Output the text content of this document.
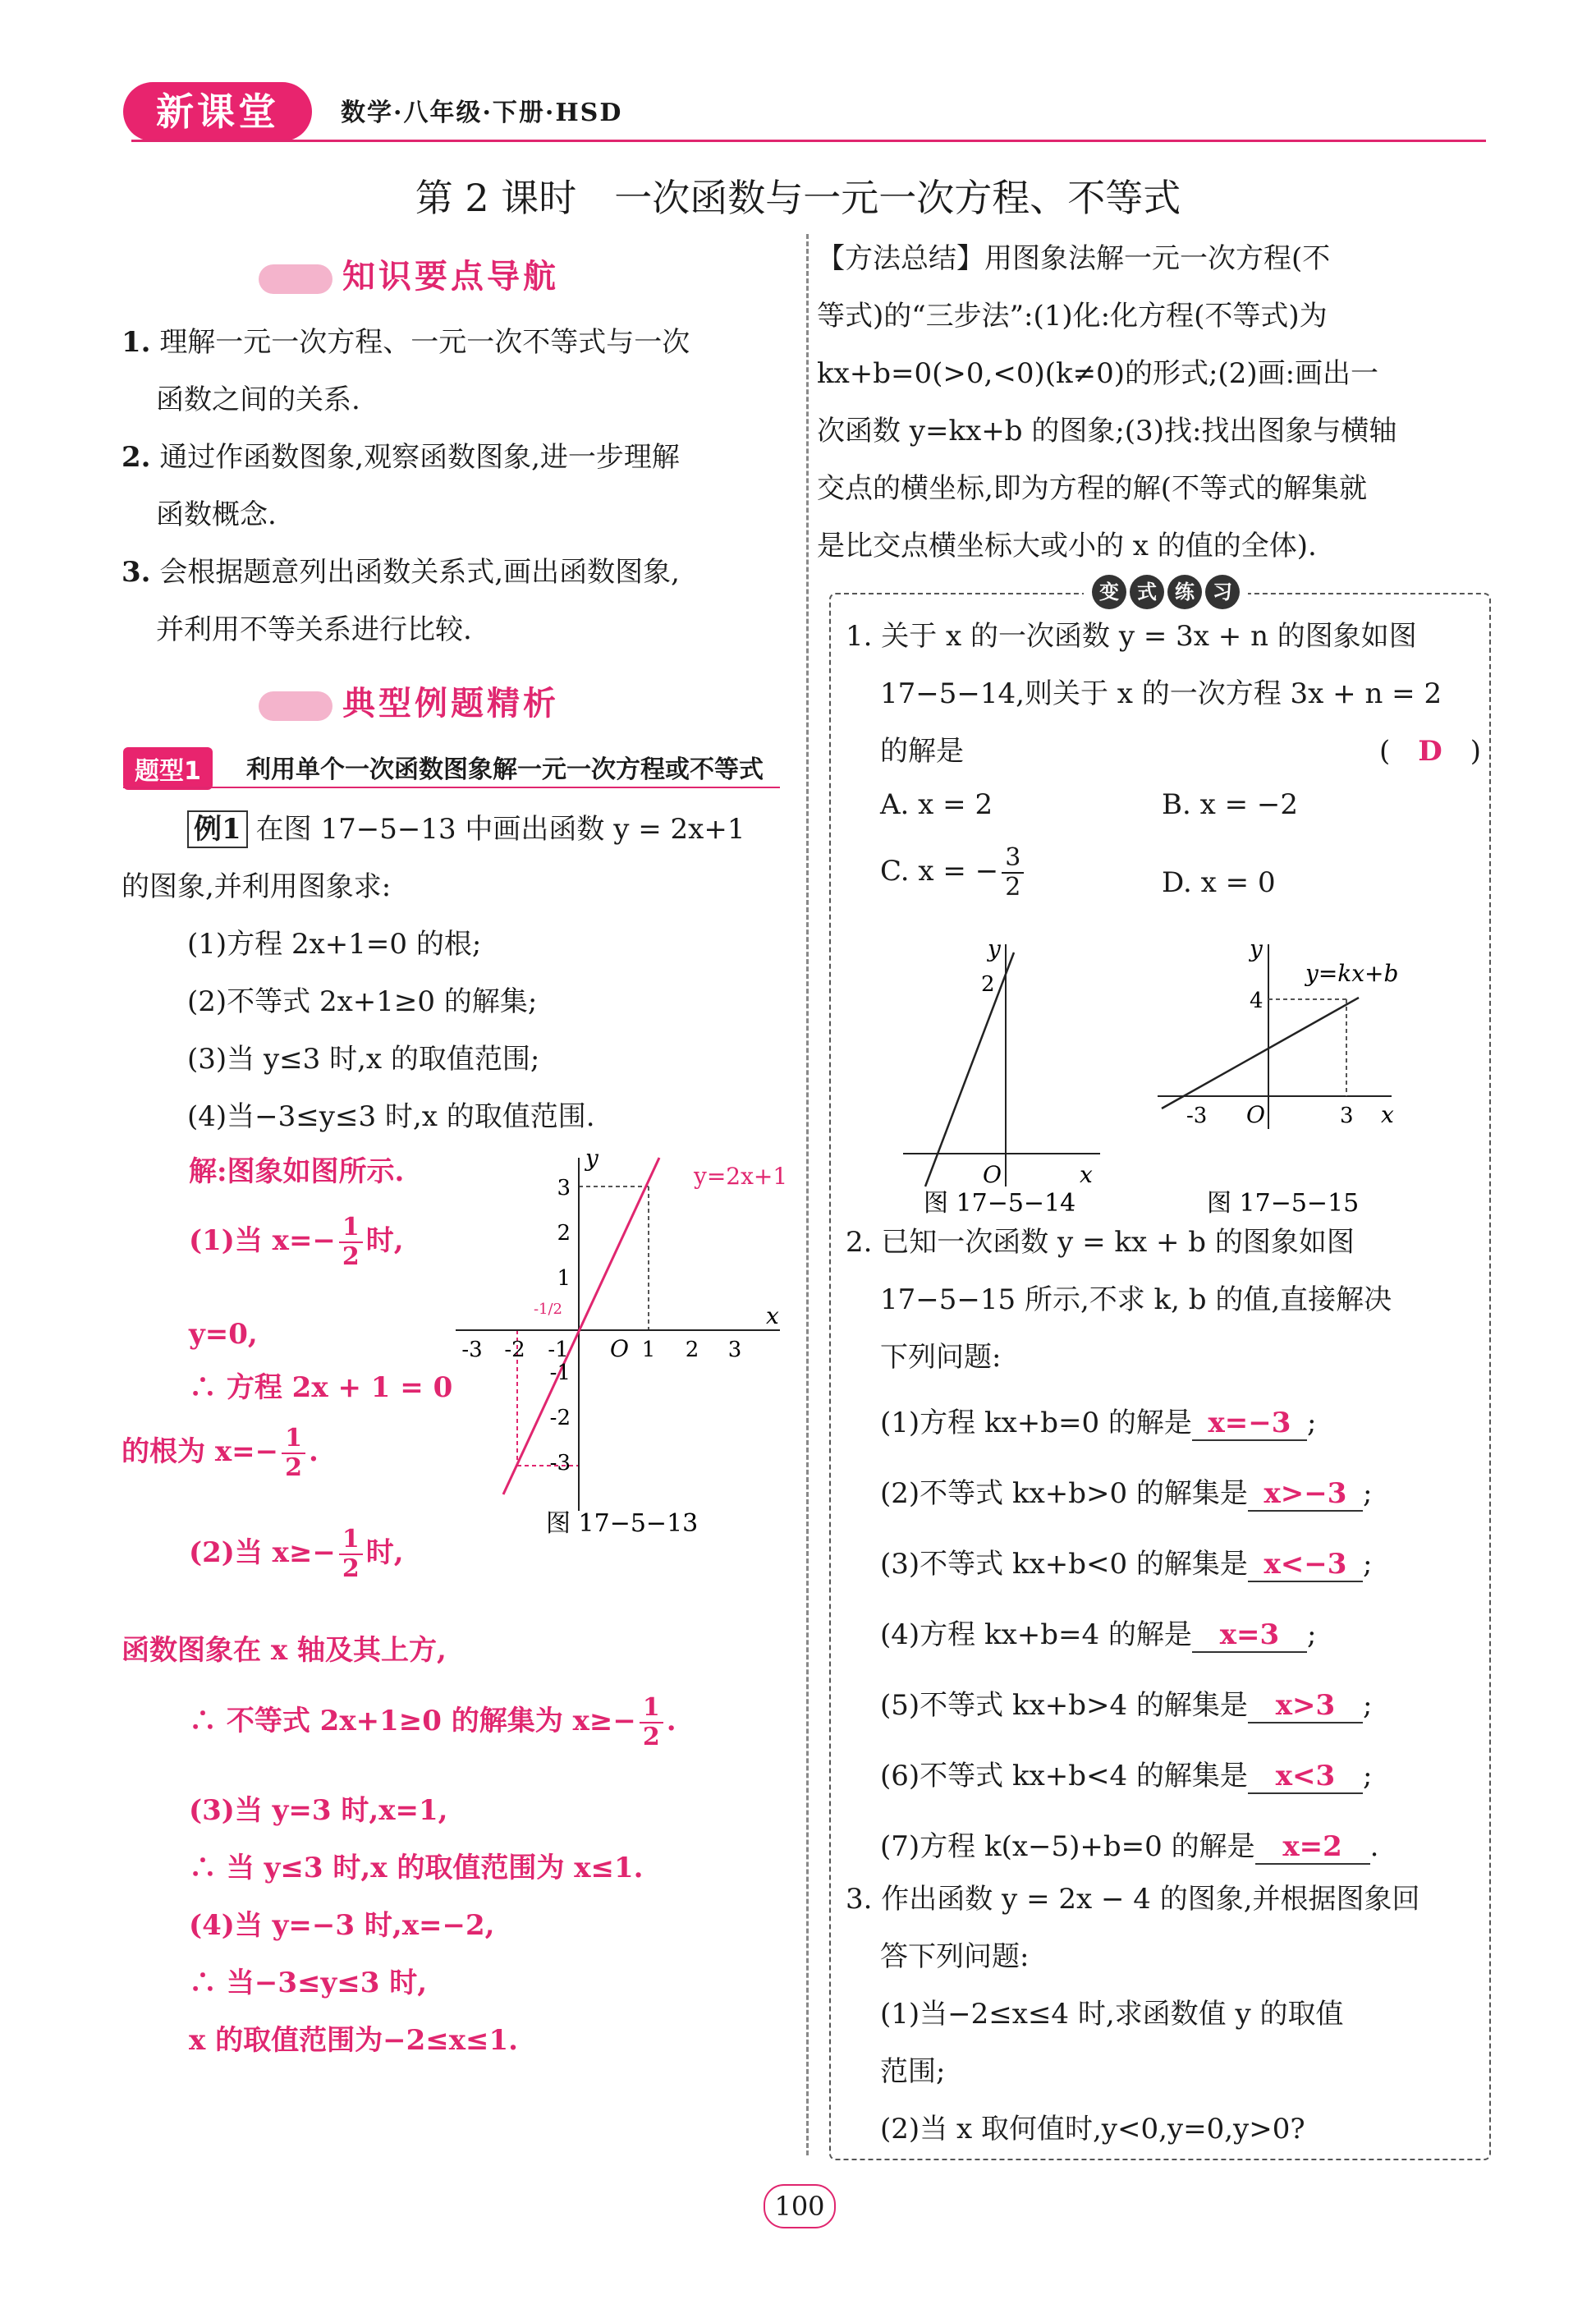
新课堂	数学·八年级·下册·HSD
第 2 课时　一次函数与一元一次方程、不等式
知识要点导航
1. 理解一元一次方程、一元一次不等式与一次
函数之间的关系.
2. 通过作函数图象,观察函数图象,进一步理解
函数概念.
3. 会根据题意列出函数关系式,画出函数图象,
并利用不等关系进行比较.
典型例题精析
题型1	利用单个一次函数图象解一元一次方程或不等式
例1 在图 17−5−13 中画出函数 y = 2x+1
的图象,并利用图象求:
(1)方程 2x+1=0 的根;
(2)不等式 2x+1≥0 的解集;
(3)当 y≤3 时,x 的取值范围;
(4)当−3≤y≤3 时,x 的取值范围.
解:图象如图所示.
(1)当 $x=- \frac{1}{2}$ 时,
y=0,
∴ 方程 2x + 1 = 0
的根为 $x=- \frac{1}{2}$ .
(2)当 $x\ge- \frac{1}{2}$ 时,
函数图象在 x 轴及其上方,
∴ 不等式 2x+1≥0 的解集为 $x\ge- \frac{1}{2}$ .
(3)当 y=3 时,x=1,
∴ 当 y≤3 时,x 的取值范围为 x≤1.
(4)当 y=−3 时,x=−2,
∴ 当−3≤y≤3 时,
x 的取值范围为−2≤x≤1.
y=2x+1
x
y
O
-3 -2 -1	1 2 3
3
2
1
-1
-2
-3
-1/2
图 17−5−13
【方法总结】用图象法解一元一次方程(不
等式)的“三步法”:(1)化:化方程(不等式)为
kx+b=0(>0,<0)(k≠0)的形式;(2)画:画出一
次函数 y=kx+b 的图象;(3)找:找出图象与横轴
交点的横坐标,即为方程的解(不等式的解集就
是比交点横坐标大或小的 x 的值的全体).
变 式 练 习
1. 关于 x 的一次函数 y = 3x + n 的图象如图
17−5−14,则关于 x 的一次方程 3x + n = 2
的解是	(　 D　 )
A. x = 2	B. x = −2
C. x = − $\frac{3}{2}$	D. x = 0
y
2
O	x
图 17−5−14
y
y=kx+b
4
-3 O	3 x
图 17−5−15
2. 已知一次函数 y = kx + b 的图象如图
17−5−15 所示,不求 k, b 的值,直接解决
下列问题:
(1)方程 kx+b=0 的解是 x=−3 ;
(2)不等式 kx+b>0 的解集是 x>−3 ;
(3)不等式 kx+b<0 的解集是 x<−3 ;
(4)方程 kx+b=4 的解是 x=3 ;
(5)不等式 kx+b>4 的解集是 x>3 ;
(6)不等式 kx+b<4 的解集是 x<3 ;
(7)方程 k(x−5)+b=0 的解是 x=2 .
3. 作出函数 y = 2x − 4 的图象,并根据图象回
答下列问题:
(1)当−2≤x≤4 时,求函数值 y 的取值
范围;
(2)当 x 取何值时,y<0,y=0,y>0?
100
